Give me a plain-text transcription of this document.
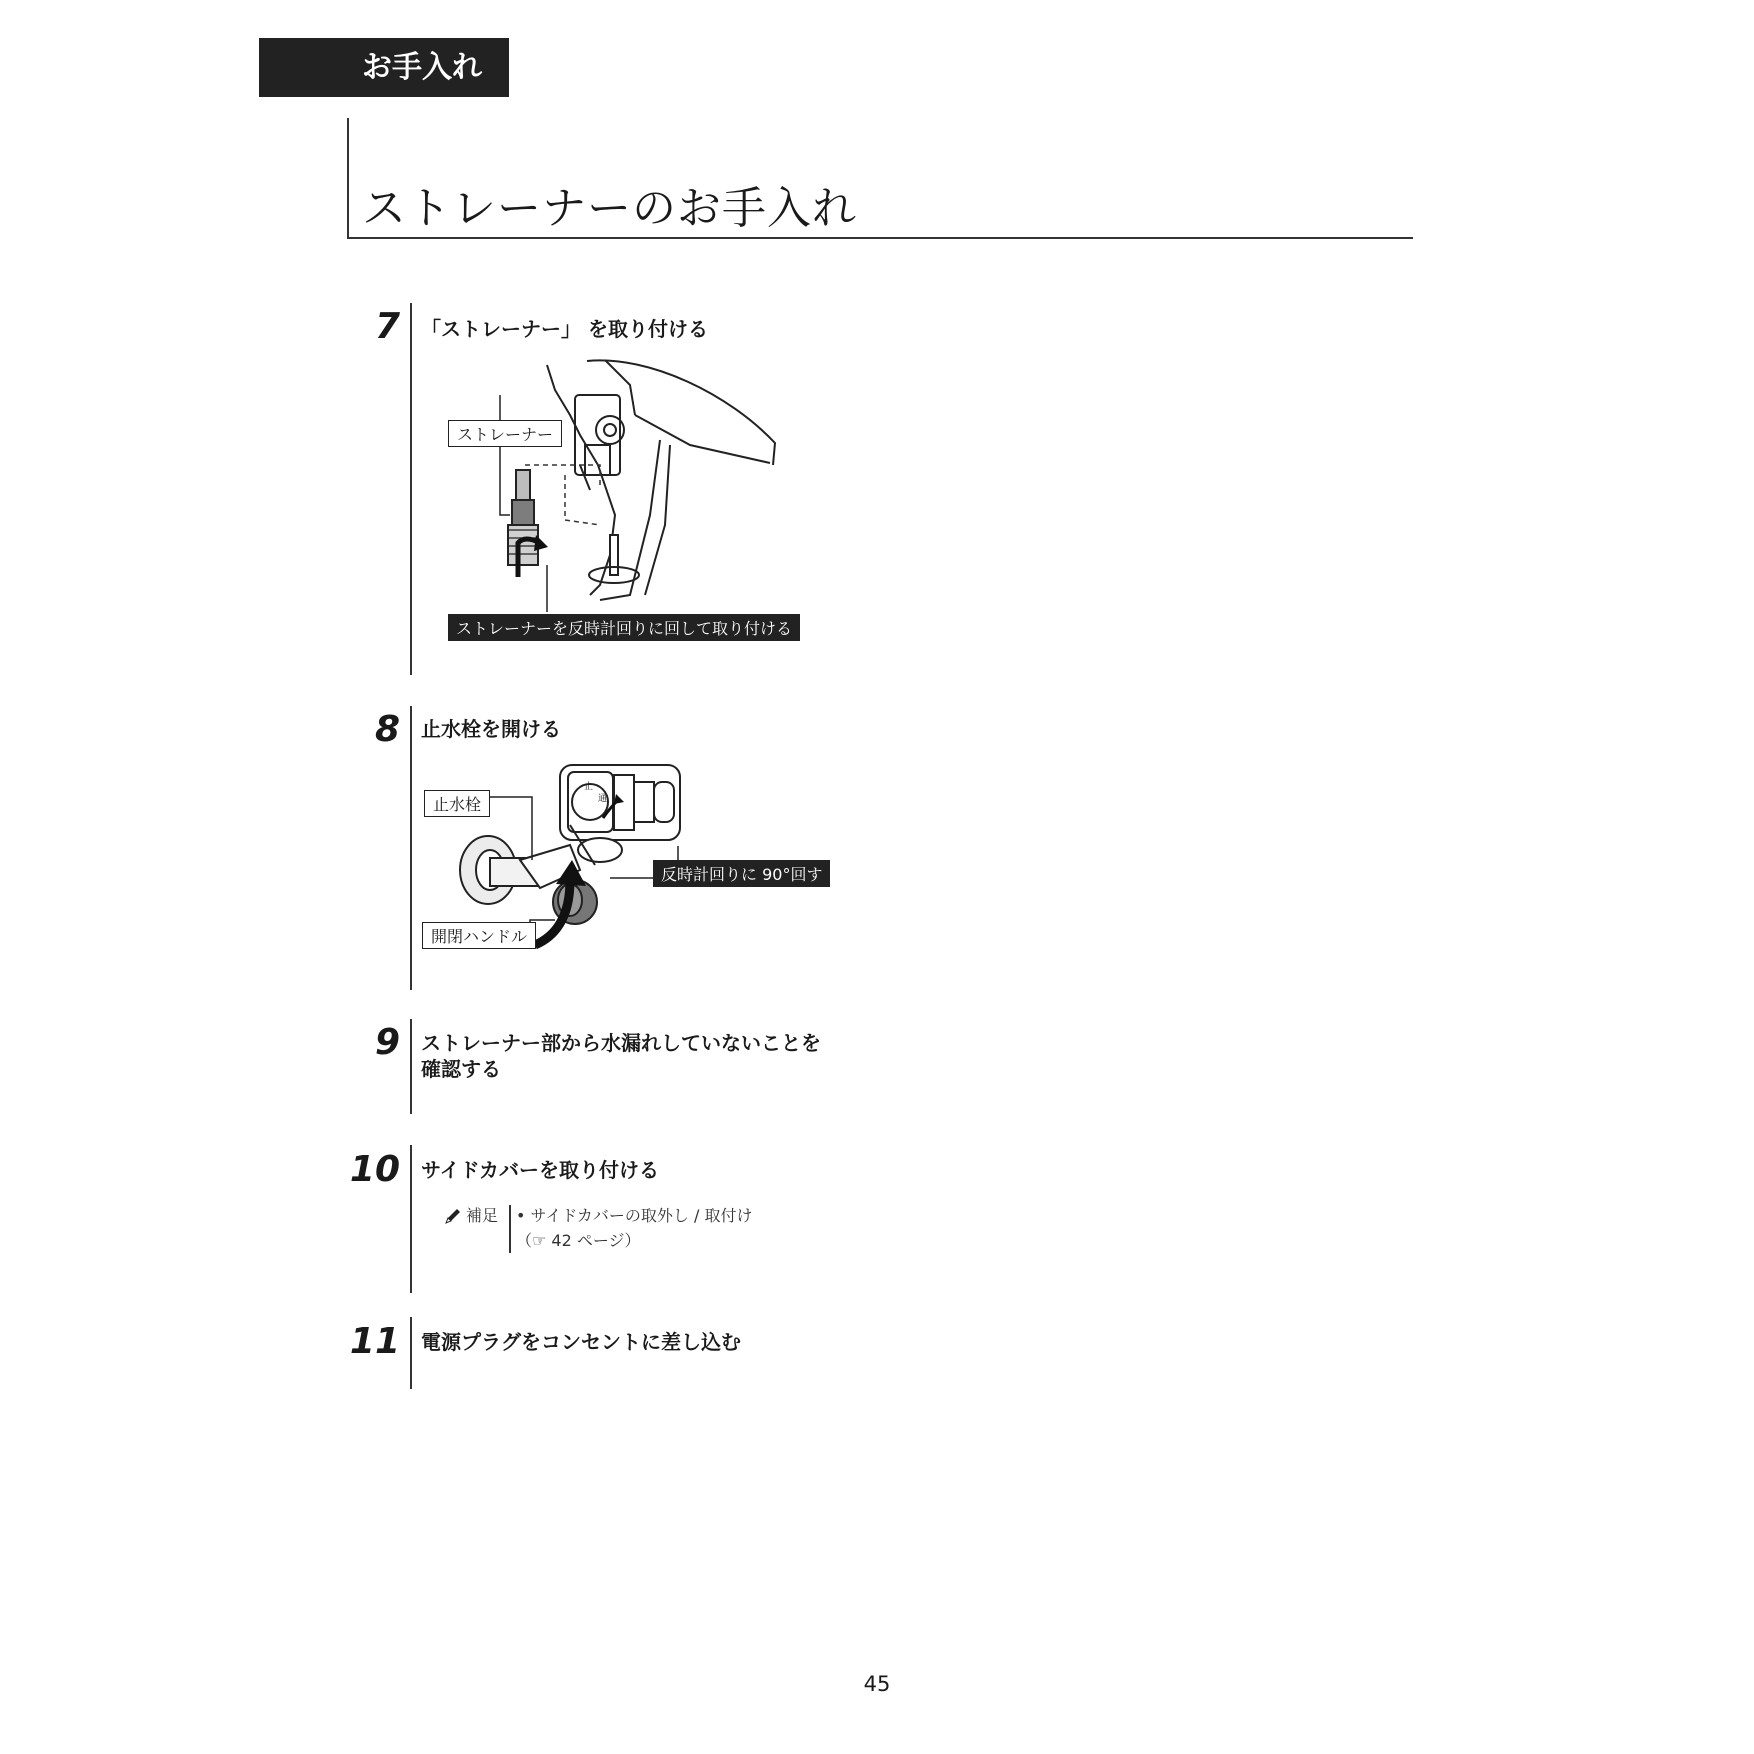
お手入れ
ストレーナーのお手入れ
7 「ストレーナー」 を取り付ける
ストレーナー
ストレーナーを反時計回りに回して取り付ける
8 止水栓を開ける
止水栓
反時計回りに 90°回す
開閉ハンドル
止
通
9 ストレーナー部から水漏れしていないことを
確認する
10 サイドカバーを取り付ける
補足 • サイドカバーの取外し / 取付け
（☞ 42 ページ）
11 電源プラグをコンセントに差し込む
45
